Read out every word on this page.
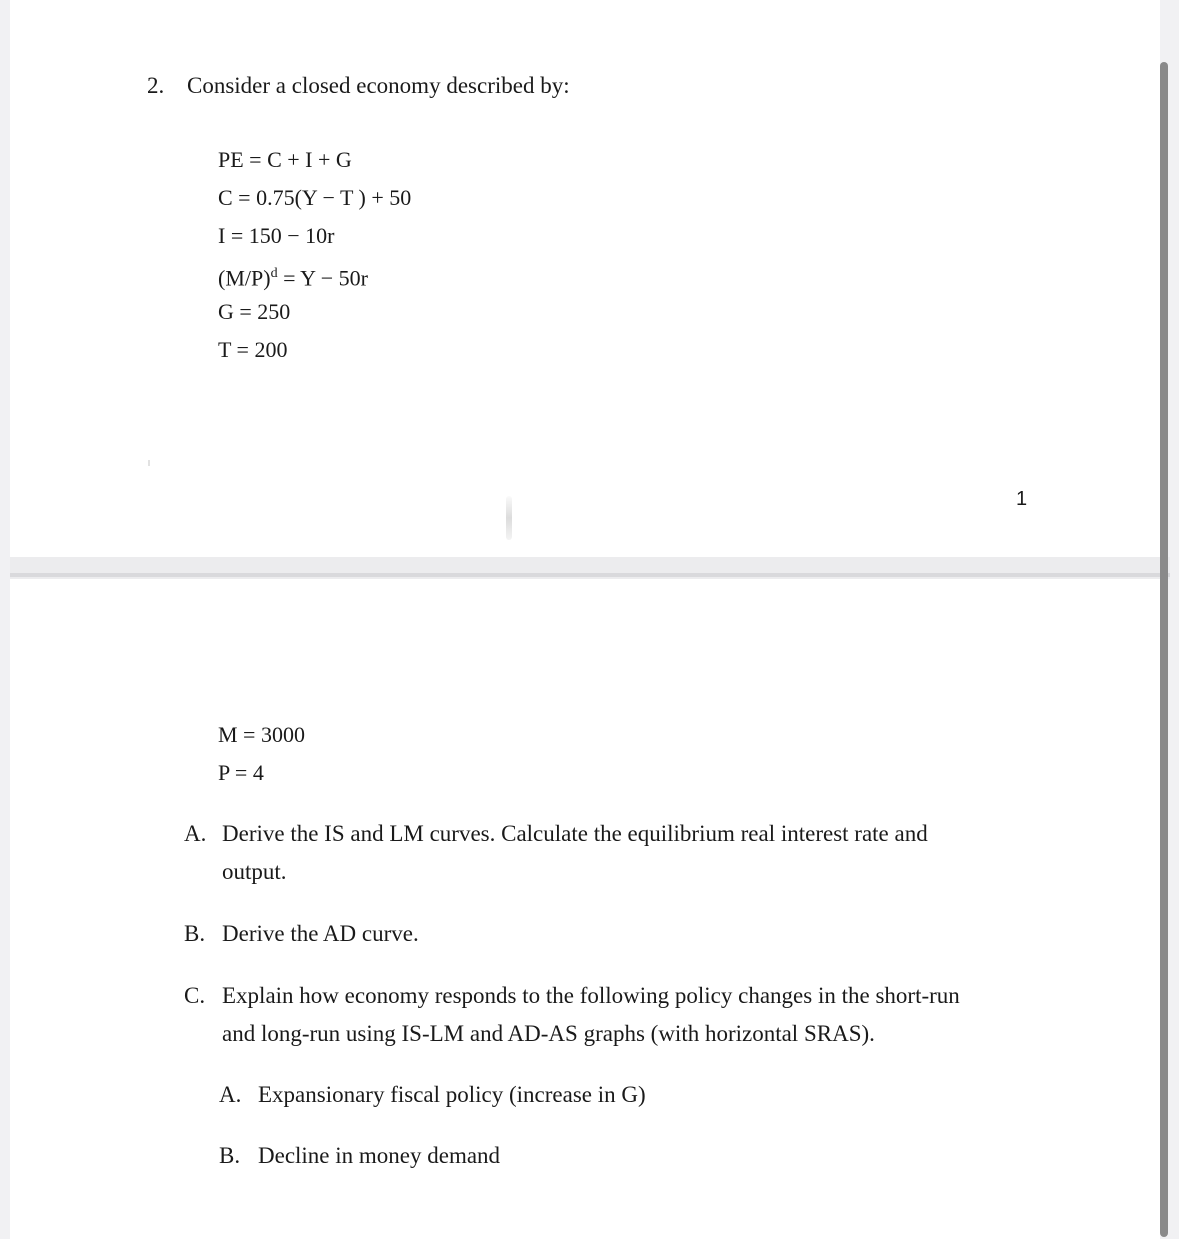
2. Consider a closed economy described by:
PE = C + I + G
C = 0.75(Y − T ) + 50
I = 150 − 10r
$(M/P)^d = Y - 50r$
G = 250
T = 200
1
M = 3000
P = 4
A. Derive the IS and LM curves. Calculate the equilibrium real interest rate and
output.
B. Derive the AD curve.
C. Explain how economy responds to the following policy changes in the short-run
and long-run using IS-LM and AD-AS graphs (with horizontal SRAS).
A. Expansionary fiscal policy (increase in G)
B. Decline in money demand
